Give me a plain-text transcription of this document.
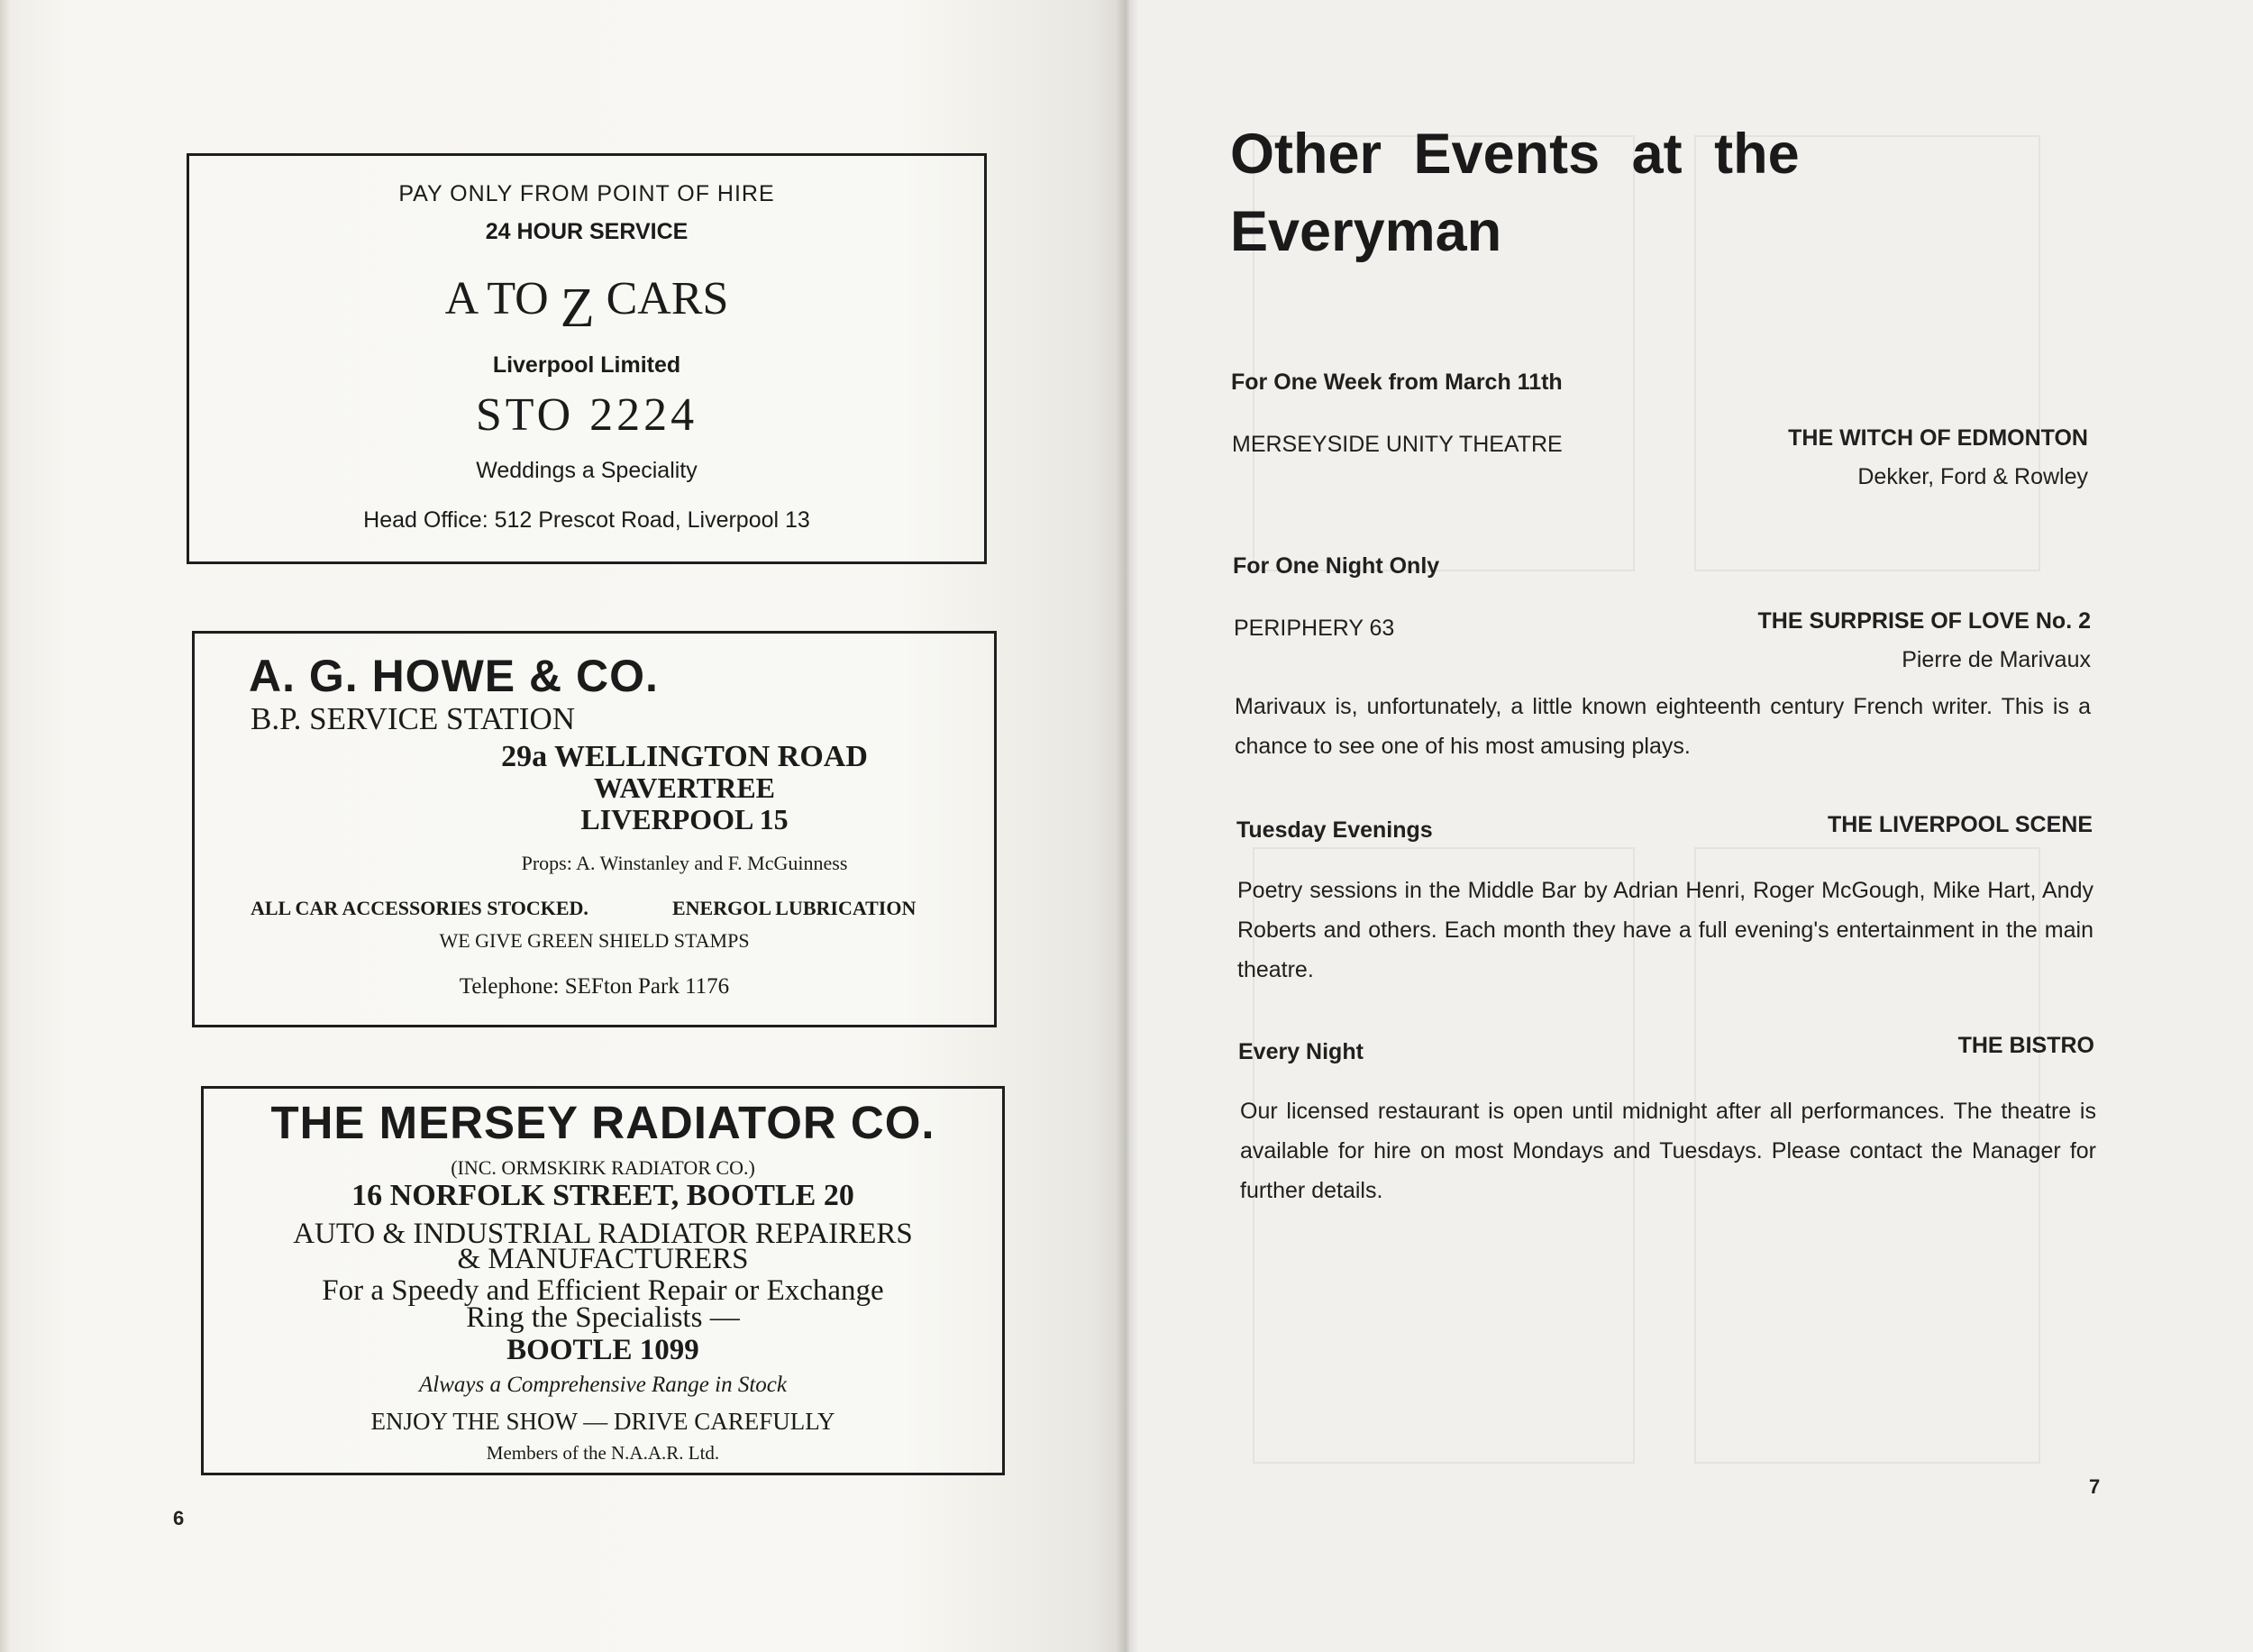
PAY ONLY FROM POINT OF HIRE
24 HOUR SERVICE
A TO Z CARS
Liverpool Limited
STO 2224
Weddings a Speciality
Head Office: 512 Prescot Road, Liverpool 13
A. G. HOWE & CO.
B.P. SERVICE STATION
29a WELLINGTON ROAD
WAVERTREE
LIVERPOOL 15
Props: A. Winstanley and F. McGuinness
ALL CAR ACCESSORIES STOCKED.	ENERGOL LUBRICATION
WE GIVE GREEN SHIELD STAMPS
Telephone: SEFton Park 1176
THE MERSEY RADIATOR CO.
(INC. ORMSKIRK RADIATOR CO.)
16 NORFOLK STREET, BOOTLE 20
AUTO & INDUSTRIAL RADIATOR REPAIRERS
& MANUFACTURERS
For a Speedy and Efficient Repair or Exchange
Ring the Specialists —
BOOTLE 1099
Always a Comprehensive Range in Stock
ENJOY THE SHOW — DRIVE CAREFULLY
Members of the N.A.A.R. Ltd.
6
Other Events at the
Everyman
For One Week from March 11th
MERSEYSIDE UNITY THEATRE	THE WITCH OF EDMONTON
Dekker, Ford & Rowley
For One Night Only
PERIPHERY 63	THE SURPRISE OF LOVE No. 2
Pierre de Marivaux
Marivaux is, unfortunately, a little known eighteenth century French writer. This is a chance to see one of his most amusing plays.
Tuesday Evenings	THE LIVERPOOL SCENE
Poetry sessions in the Middle Bar by Adrian Henri, Roger McGough, Mike Hart, Andy Roberts and others. Each month they have a full evening's entertainment in the main theatre.
Every Night	THE BISTRO
Our licensed restaurant is open until midnight after all performances. The theatre is available for hire on most Mondays and Tuesdays. Please contact the Manager for further details.
7
